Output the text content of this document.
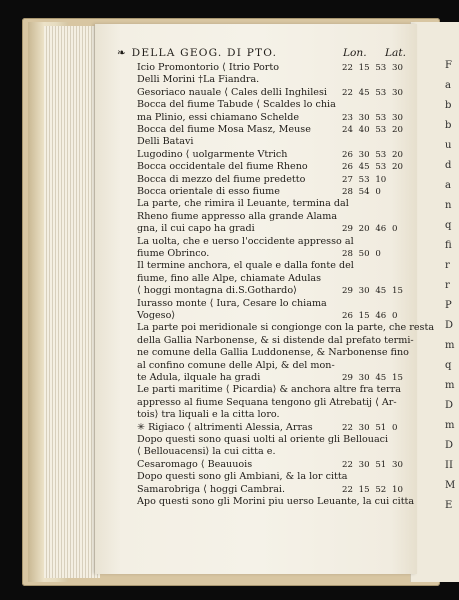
F
a
b
b
u
d
a
n
q
fi
r
r
P
D
m
q
m
D
m
D
II
M
E
❧ DELLA GEOG. DI PTO.	Lon. Lat.
Icio Promontorio ⟨ Itrio Porto	22 15 53 30
Delli Morini †La Fiandra.
Gesoriaco nauale ⟨ Cales delli Inghilesi 22 45 53 30
Bocca del fiume Tabude ⟨ Scaldes lo chia
ma Plinio, essi chiamano Schelde	23 30 53 30
Bocca del fiume Mosa Masz, Meuse	24 40 53 20
Delli Batavi
Lugodino ⟨ uolgarmente Vtrich	26 30 53 20
Bocca occidentale del fiume Rheno	26 45 53 20
Bocca di mezzo del fiume predetto	27 53 10
Bocca orientale di esso fiume	28 54 0
La parte, che rimira il Leuante, termina dal
Rheno fiume appresso alla grande Alama
gna, il cui capo ha gradi	29 20 46 0
La uolta, che e uerso l'occidente appresso al
fiume Obrinco.	28 50 0
Il termine anchora, el quale e dalla fonte del
fiume, fino alle Alpe, chiamate Adulas
⟨ hoggi montagna di.S.Gothardo⟩	29 30 45 15
Iurasso monte ⟨ Iura, Cesare lo chiama
Vogeso⟩	26 15 46 0
La parte poi meridionale si congionge con la parte, che resta
della Gallia Narbonense, & si distende dal prefato termi-
ne comune della Gallia Luddonense, & Narbonense fino
al confino comune delle Alpi, & del mon-
te Adula, ilquale ha gradi	29 30 45 15
Le parti maritime ⟨ Picardia⟩ & anchora altre fra terra
appresso al fiume Sequana tengono gli Atrebatij ⟨ Ar-
tois⟩ tra liquali e la citta loro.
✳ Rigiaco ⟨ altrimenti Alessia, Arras	22 30 51 0
Dopo questi sono quasi uolti al oriente gli Bellouaci
⟨ Bellouacensi⟩ la cui citta e.
Cesaromago ⟨ Beauuois	22 30 51 30
Dopo questi sono gli Ambiani, & la lor citta
Samarobriga ⟨ hoggi Cambrai.	22 15 52 10
Apo questi sono gli Morini piu uerso Leuante, la cui citta
